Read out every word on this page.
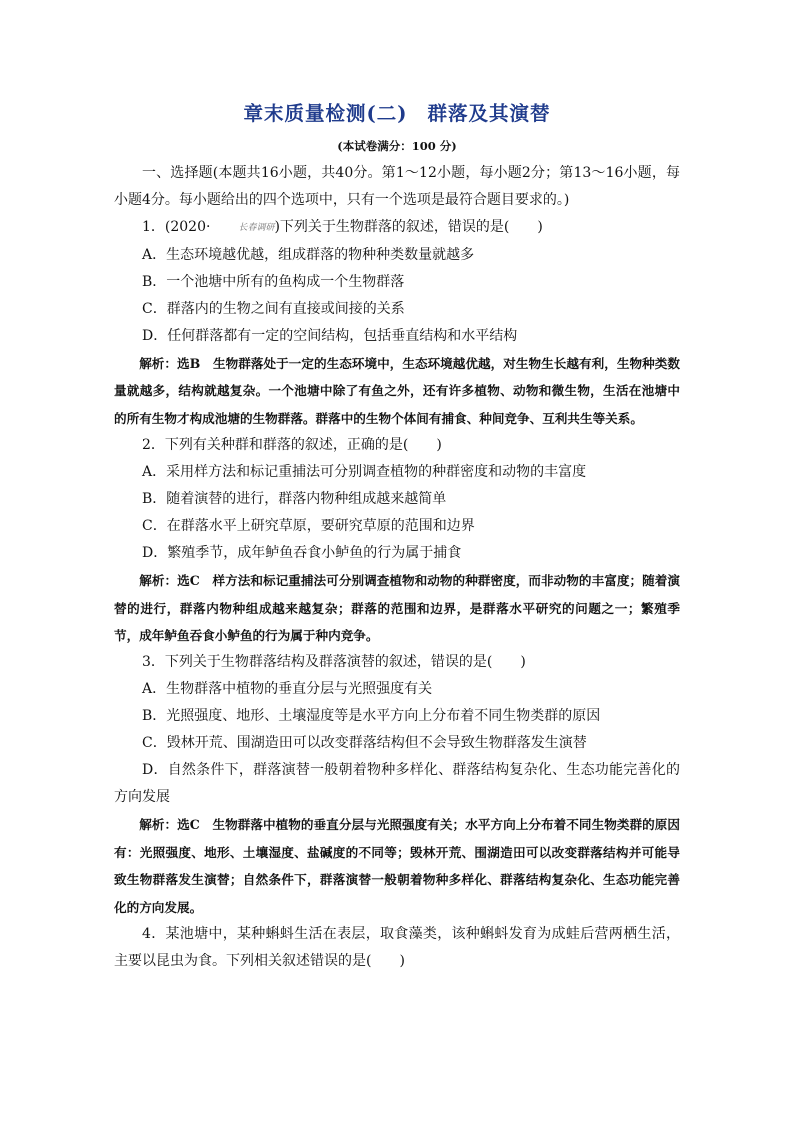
章末质量检测(二) 群落及其演替
(本试卷满分：100 分)

一、选择题(本题共16小题，共40分。第1～12小题，每小题2分；第13～16小题，每小题4分。每小题给出的四个选项中，只有一个选项是最符合题目要求的。)

1．(2020·	长春调研)下列关于生物群落的叙述，错误的是(　　)

A．生态环境越优越，组成群落的物种种类数量就越多

B．一个池塘中所有的鱼构成一个生物群落

C．群落内的生物之间有直接或间接的关系

D．任何群落都有一定的空间结构，包括垂直结构和水平结构

解析：选B　生物群落处于一定的生态环境中，生态环境越优越，对生物生长越有利，生物种类数量就越多，结构就越复杂。一个池塘中除了有鱼之外，还有许多植物、动物和微生物，生活在池塘中的所有生物才构成池塘的生物群落。群落中的生物个体间有捕食、种间竞争、互利共生等关系。

2．下列有关种群和群落的叙述，正确的是(　　)

A．采用样方法和标记重捕法可分别调查植物的种群密度和动物的丰富度

B．随着演替的进行，群落内物种组成越来越简单

C．在群落水平上研究草原，要研究草原的范围和边界

D．繁殖季节，成年鲈鱼吞食小鲈鱼的行为属于捕食

解析：选C　样方法和标记重捕法可分别调查植物和动物的种群密度，而非动物的丰富度；随着演替的进行，群落内物种组成越来越复杂；群落的范围和边界，是群落水平研究的问题之一；繁殖季节，成年鲈鱼吞食小鲈鱼的行为属于种内竞争。

3．下列关于生物群落结构及群落演替的叙述，错误的是(　　)

A．生物群落中植物的垂直分层与光照强度有关

B．光照强度、地形、土壤湿度等是水平方向上分布着不同生物类群的原因

C．毁林开荒、围湖造田可以改变群落结构但不会导致生物群落发生演替

D．自然条件下，群落演替一般朝着物种多样化、群落结构复杂化、生态功能完善化的方向发展

解析：选C　生物群落中植物的垂直分层与光照强度有关；水平方向上分布着不同生物类群的原因有：光照强度、地形、土壤湿度、盐碱度的不同等；毁林开荒、围湖造田可以改变群落结构并可能导致生物群落发生演替；自然条件下，群落演替一般朝着物种多样化、群落结构复杂化、生态功能完善化的方向发展。

4．某池塘中，某种蝌蚪生活在表层，取食藻类，该种蝌蚪发育为成蛙后营两栖生活，主要以昆虫为食。下列相关叙述错误的是(　　)
